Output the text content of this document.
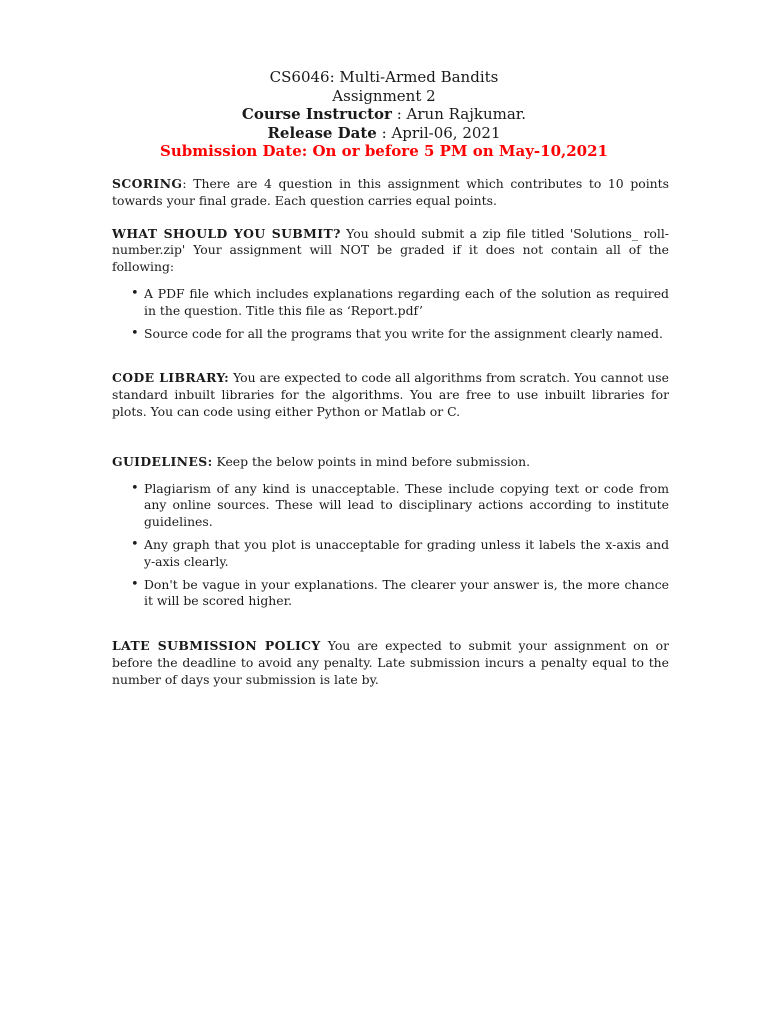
CS6046: Multi-Armed Bandits
Assignment 2
Course Instructor : Arun Rajkumar.
Release Date : April-06, 2021
Submission Date: On or before 5 PM on May-10,2021

SCORING: There are 4 question in this assignment which contributes to 10 points towards your final grade. Each question carries equal points.

WHAT SHOULD YOU SUBMIT? You should submit a zip file titled 'Solutions_ roll-number.zip' Your assignment will NOT be graded if it does not contain all of the following:

• A PDF file which includes explanations regarding each of the solution as required in the question. Title this file as ‘Report.pdf’
• Source code for all the programs that you write for the assignment clearly named.

CODE LIBRARY: You are expected to code all algorithms from scratch. You cannot use standard inbuilt libraries for the algorithms. You are free to use inbuilt libraries for plots. You can code using either Python or Matlab or C.

GUIDELINES: Keep the below points in mind before submission.

• Plagiarism of any kind is unacceptable. These include copying text or code from any online sources. These will lead to disciplinary actions according to institute guidelines.
• Any graph that you plot is unacceptable for grading unless it labels the x-axis and y-axis clearly.
• Don't be vague in your explanations. The clearer your answer is, the more chance it will be scored higher.

LATE SUBMISSION POLICY You are expected to submit your assignment on or before the deadline to avoid any penalty. Late submission incurs a penalty equal to the number of days your submission is late by.
